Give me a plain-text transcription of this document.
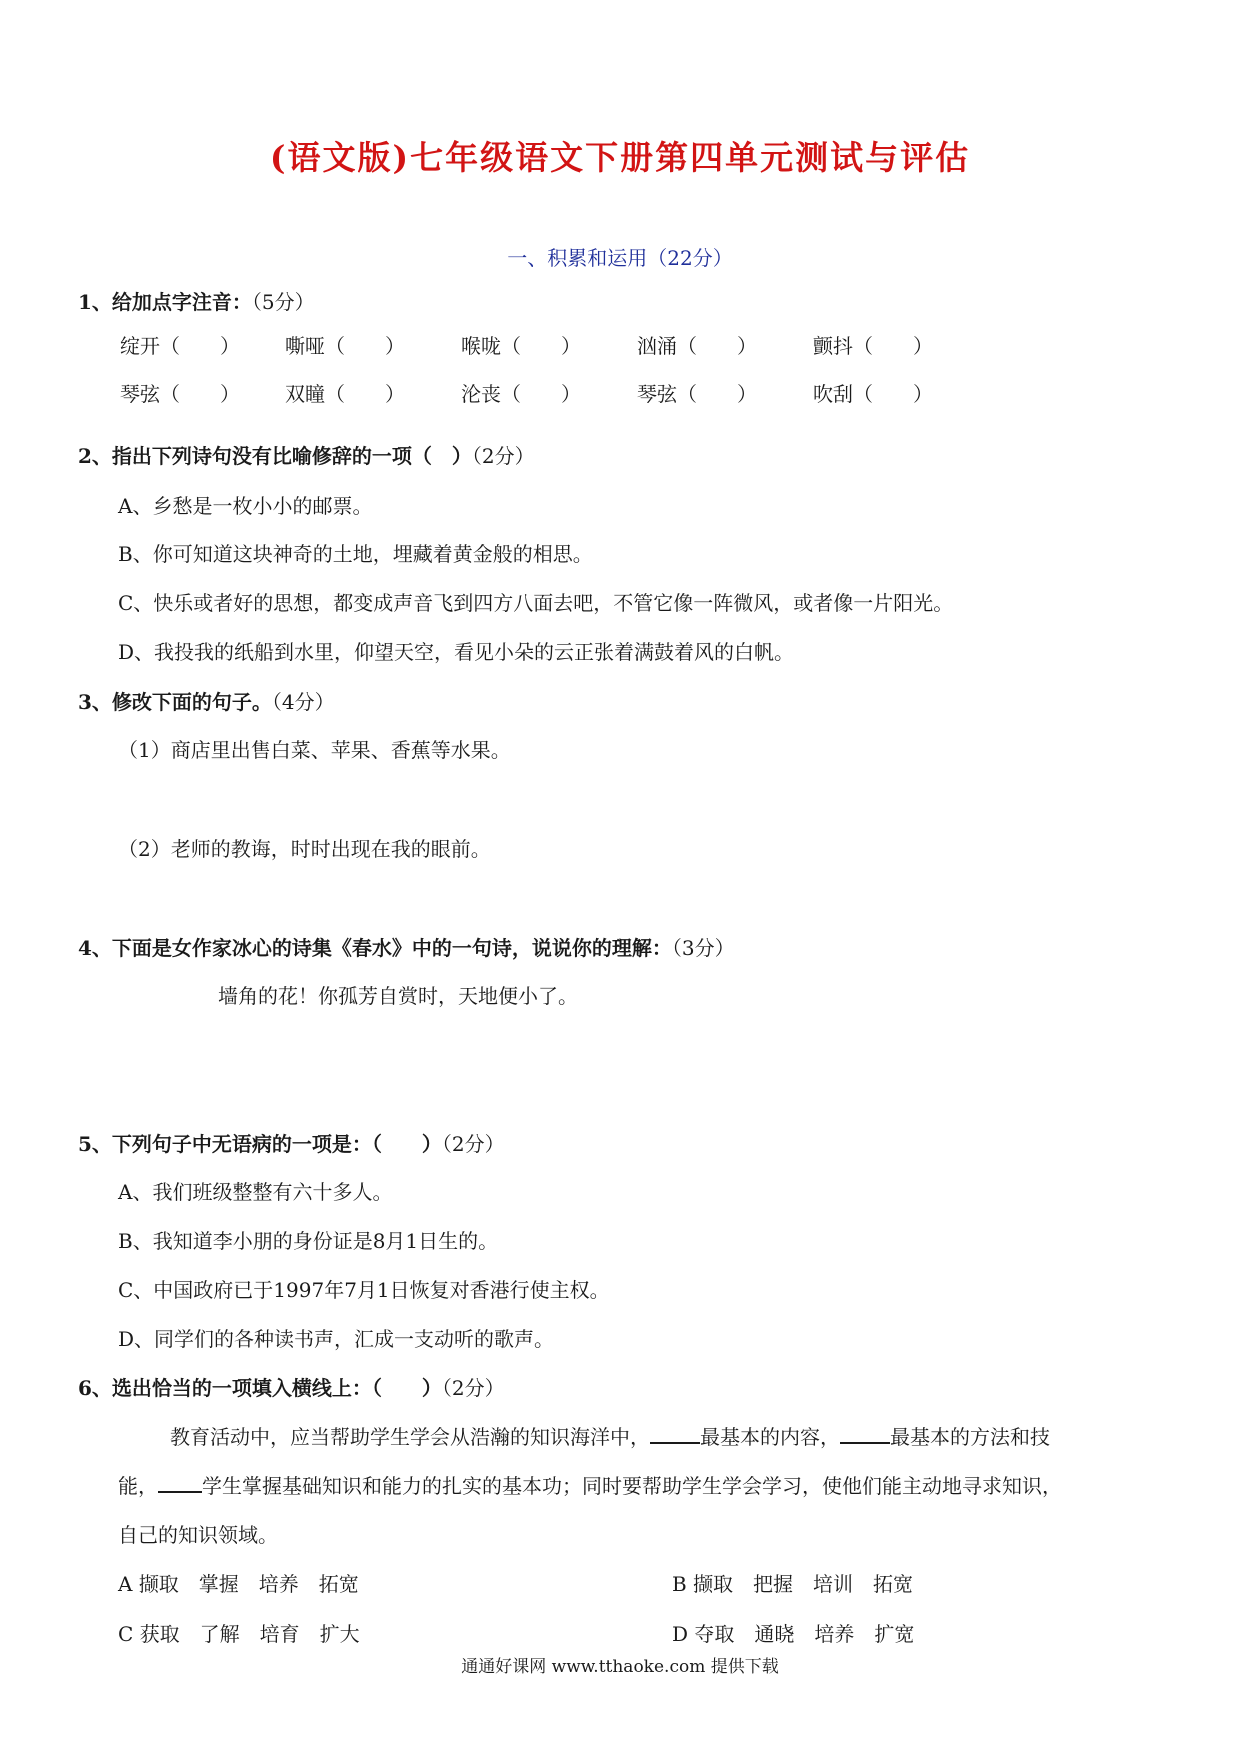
(语文版)七年级语文下册第四单元测试与评估
一、积累和运用（22分）
1、给加点字注音：（5分）
绽开（　　） 嘶哑（　　）	喉咙（　　）	汹涌（　　）	颤抖（　　）
琴弦（　　） 双瞳（　　）	沦丧（　　）	琴弦（　　）	吹刮（　　）
2、指出下列诗句没有比喻修辞的一项（　）（2分）
A、乡愁是一枚小小的邮票。
B、你可知道这块神奇的土地，埋藏着黄金般的相思。
C、快乐或者好的思想，都变成声音飞到四方八面去吧，不管它像一阵微风，或者像一片阳光。
D、我投我的纸船到水里，仰望天空，看见小朵的云正张着满鼓着风的白帆。
3、修改下面的句子。（4分）
（1）商店里出售白菜、苹果、香蕉等水果。
（2）老师的教诲，时时出现在我的眼前。
4、下面是女作家冰心的诗集《春水》中的一句诗，说说你的理解：（3分）
墙角的花！你孤芳自赏时，天地便小了。
5、下列句子中无语病的一项是：（　　）（2分）
A、我们班级整整有六十多人。
B、我知道李小朋的身份证是8月1日生的。
C、中国政府已于1997年7月1日恢复对香港行使主权。
D、同学们的各种读书声，汇成一支动听的歌声。
6、选出恰当的一项填入横线上：（　　）（2分）
教育活动中，应当帮助学生学会从浩瀚的知识海洋中，	最基本的内容，	最基本的方法和技
能， 学生掌握基础知识和能力的扎实的基本功；同时要帮助学生学会学习，使他们能主动地寻求知识，
自己的知识领域。
A 撷取　掌握　培养　拓宽	B 撷取　把握　培训　拓宽
C 获取　了解　培育　扩大	D 夺取　通晓　培养　扩宽
通通好课网 www.tthaoke.com 提供下载
